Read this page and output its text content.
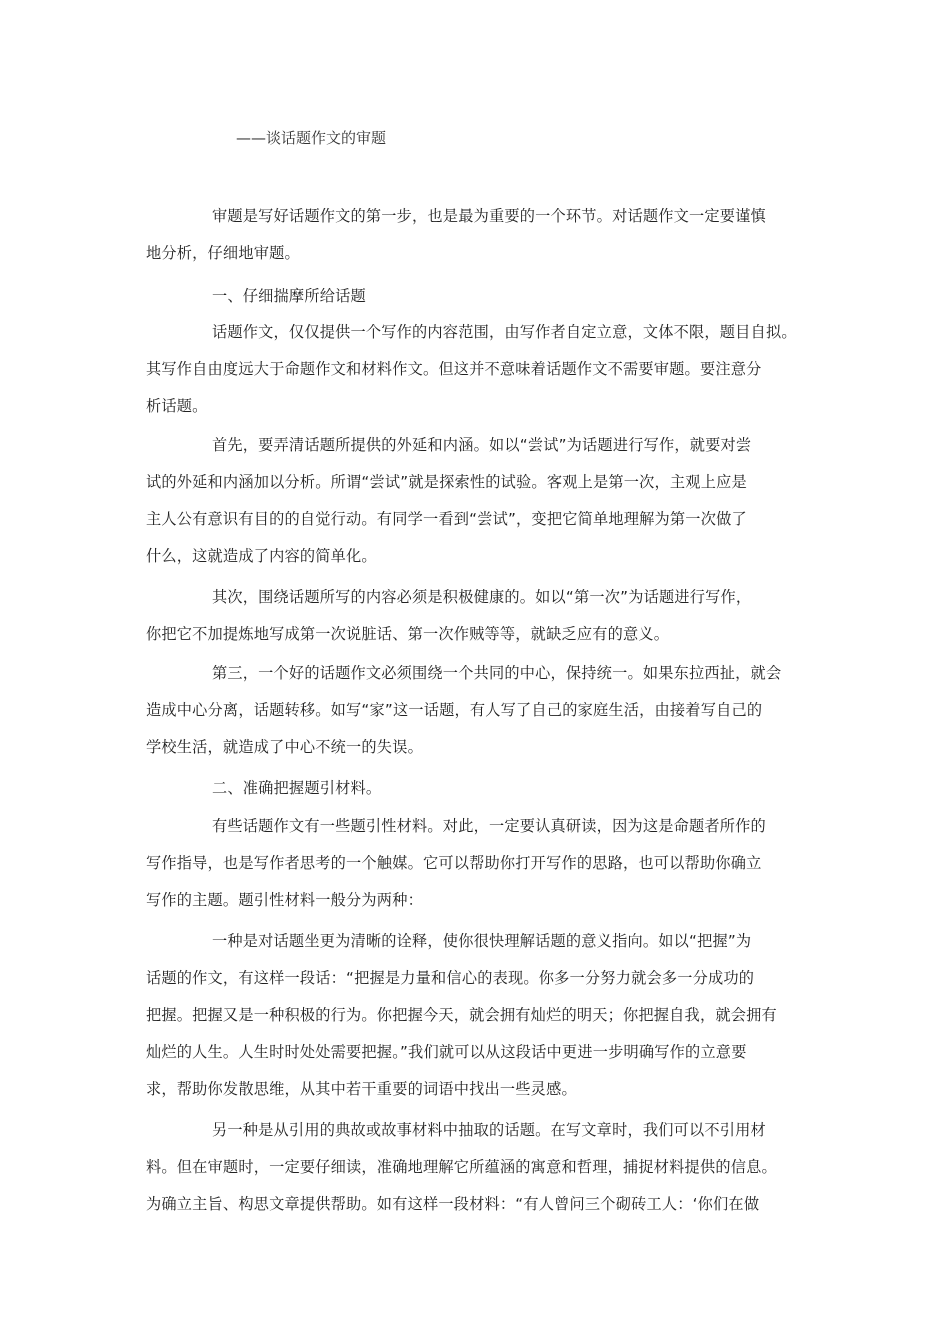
——谈话题作文的审题
审题是写好话题作文的第一步，也是最为重要的一个环节。对话题作文一定要谨慎
地分析，仔细地审题。
一、仔细揣摩所给话题
话题作文，仅仅提供一个写作的内容范围，由写作者自定立意，文体不限，题目自拟。
其写作自由度远大于命题作文和材料作文。但这并不意味着话题作文不需要审题。要注意分
析话题。
首先，要弄清话题所提供的外延和内涵。如以“尝试”为话题进行写作，就要对尝
试的外延和内涵加以分析。所谓“尝试”就是探索性的试验。客观上是第一次，主观上应是
主人公有意识有目的的自觉行动。有同学一看到“尝试”，变把它简单地理解为第一次做了
什么，这就造成了内容的简单化。
其次，围绕话题所写的内容必须是积极健康的。如以“第一次”为话题进行写作，
你把它不加提炼地写成第一次说脏话、第一次作贼等等，就缺乏应有的意义。
第三，一个好的话题作文必须围绕一个共同的中心，保持统一。如果东拉西扯，就会
造成中心分离，话题转移。如写“家”这一话题，有人写了自己的家庭生活，由接着写自己的
学校生活，就造成了中心不统一的失误。
二、准确把握题引材料。
有些话题作文有一些题引性材料。对此，一定要认真研读，因为这是命题者所作的
写作指导，也是写作者思考的一个触媒。它可以帮助你打开写作的思路，也可以帮助你确立
写作的主题。题引性材料一般分为两种：
一种是对话题坐更为清晰的诠释，使你很快理解话题的意义指向。如以“把握”为
话题的作文，有这样一段话：“把握是力量和信心的表现。你多一分努力就会多一分成功的
把握。把握又是一种积极的行为。你把握今天，就会拥有灿烂的明天；你把握自我，就会拥有
灿烂的人生。人生时时处处需要把握。”我们就可以从这段话中更进一步明确写作的立意要
求，帮助你发散思维，从其中若干重要的词语中找出一些灵感。
另一种是从引用的典故或故事材料中抽取的话题。在写文章时，我们可以不引用材
料。但在审题时，一定要仔细读，准确地理解它所蕴涵的寓意和哲理，捕捉材料提供的信息。
为确立主旨、构思文章提供帮助。如有这样一段材料：“有人曾问三个砌砖工人：‘你们在做
